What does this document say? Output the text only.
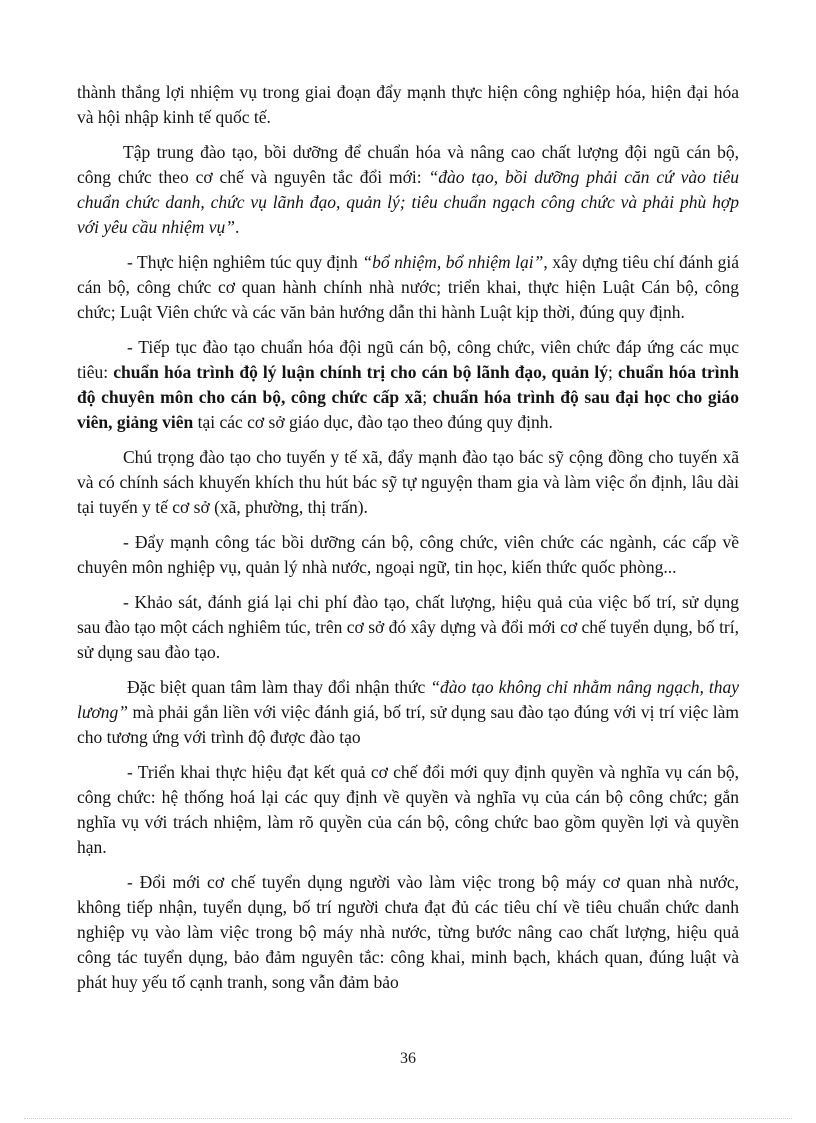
thành thắng lợi nhiệm vụ trong giai đoạn đẩy mạnh thực hiện công nghiệp hóa, hiện đại hóa và hội nhập kinh tế quốc tế.

Tập trung đào tạo, bồi dưỡng để chuẩn hóa và nâng cao chất lượng đội ngũ cán bộ, công chức theo cơ chế và nguyên tắc đổi mới: “đào tạo, bồi dưỡng phải căn cứ vào tiêu chuẩn chức danh, chức vụ lãnh đạo, quản lý; tiêu chuẩn ngạch công chức và phải phù hợp với yêu cầu nhiệm vụ”.

- Thực hiện nghiêm túc quy định “bổ nhiệm, bổ nhiệm lại”, xây dựng tiêu chí đánh giá cán bộ, công chức cơ quan hành chính nhà nước; triển khai, thực hiện Luật Cán bộ, công chức; Luật Viên chức và các văn bản hướng dẫn thi hành Luật kịp thời, đúng quy định.

- Tiếp tục đào tạo chuẩn hóa đội ngũ cán bộ, công chức, viên chức đáp ứng các mục tiêu: chuẩn hóa trình độ lý luận chính trị cho cán bộ lãnh đạo, quản lý; chuẩn hóa trình độ chuyên môn cho cán bộ, công chức cấp xã; chuẩn hóa trình độ sau đại học cho giáo viên, giảng viên tại các cơ sở giáo dục, đào tạo theo đúng quy định.

Chú trọng đào tạo cho tuyến y tế xã, đẩy mạnh đào tạo bác sỹ cộng đồng cho tuyến xã và có chính sách khuyến khích thu hút bác sỹ tự nguyện tham gia và làm việc ổn định, lâu dài tại tuyến y tế cơ sở (xã, phường, thị trấn).

- Đẩy mạnh công tác bồi dưỡng cán bộ, công chức, viên chức các ngành, các cấp về chuyên môn nghiệp vụ, quản lý nhà nước, ngoại ngữ, tin học, kiến thức quốc phòng...

- Khảo sát, đánh giá lại chi phí đào tạo, chất lượng, hiệu quả của việc bố trí, sử dụng sau đào tạo một cách nghiêm túc, trên cơ sở đó xây dựng và đổi mới cơ chế tuyển dụng, bố trí, sử dụng sau đào tạo.

Đặc biệt quan tâm làm thay đổi nhận thức “đào tạo không chỉ nhằm nâng ngạch, thay lương” mà phải gắn liền với việc đánh giá, bố trí, sử dụng sau đào tạo đúng với vị trí việc làm cho tương ứng với trình độ được đào tạo

- Triển khai thực hiệu đạt kết quả cơ chế đổi mới quy định quyền và nghĩa vụ cán bộ, công chức: hệ thống hoá lại các quy định về quyền và nghĩa vụ của cán bộ công chức; gắn nghĩa vụ với trách nhiệm, làm rõ quyền của cán bộ, công chức bao gồm quyền lợi và quyền hạn.

- Đổi mới cơ chế tuyển dụng người vào làm việc trong bộ máy cơ quan nhà nước, không tiếp nhận, tuyển dụng, bố trí người chưa đạt đủ các tiêu chí về tiêu chuẩn chức danh nghiệp vụ vào làm việc trong bộ máy nhà nước, từng bước nâng cao chất lượng, hiệu quả công tác tuyển dụng, bảo đảm nguyên tắc: công khai, minh bạch, khách quan, đúng luật và phát huy yếu tố cạnh tranh, song vẫn đảm bảo

36
